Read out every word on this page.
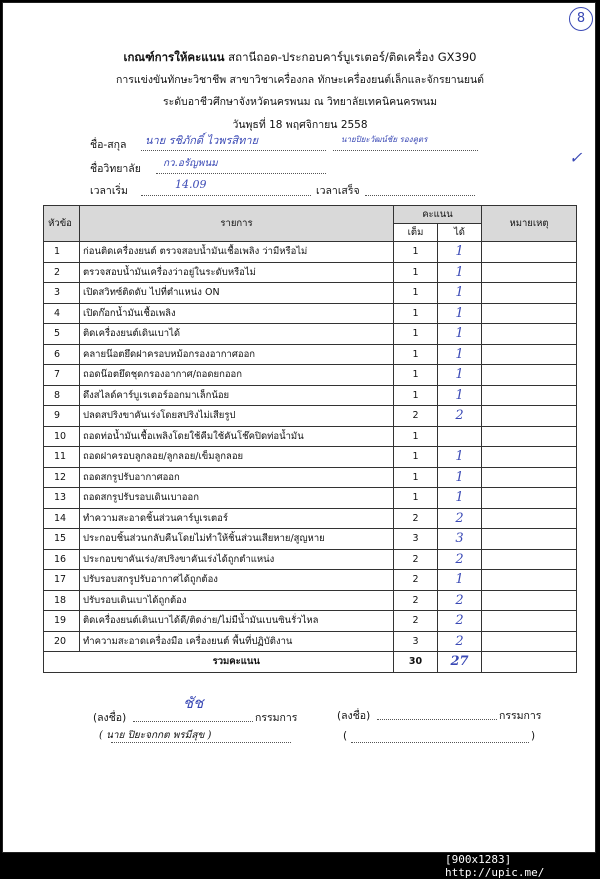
8
เกณฑ์การให้คะแนน สถานีถอด-ประกอบคาร์บูเรเตอร์/ติดเครื่อง GX390
การแข่งขันทักษะวิชาชีพ สาขาวิชาเครื่องกล ทักษะเครื่องยนต์เล็กและจักรยานยนต์
ระดับอาชีวศึกษาจังหวัดนครพนม ณ วิทยาลัยเทคนิคนครพนม
วันพุธที่ 18 พฤศจิกายน 2558
ชื่อ-สกุล นาย รชิภักดิ์ ไวพรสิทาย	นายปิยะวัฒน์ชัย รองคูตร
ชื่อวิทยาลัย กว.อรัญพนม
เวลาเริ่ม	14.09	เวลาเสร็จ
✓
หัวข้อ	รายการ	คะแนน		หมายเหตุ
		เต็ม	ได้	
1	ก่อนติดเครื่องยนต์ ตรวจสอบน้ำมันเชื้อเพลิง ว่ามีหรือไม่	1	1	
2	ตรวจสอบน้ำมันเครื่องว่าอยู่ในระดับหรือไม่	1	1	
3	เปิดสวิทซ์ติดดับ ไปที่ตำแหน่ง ON	1	1	
4	เปิดก๊อกน้ำมันเชื้อเพลิง	1	1	
5	ติดเครื่องยนต์เดินเบาได้	1	1	
6	คลายน๊อตยึดฝาครอบหม้อกรองอากาศออก	1	1	
7	ถอดน๊อตยึดชุดกรองอากาศ/ถอดยกออก	1	1	
8	ดึงสไลด์คาร์บูเรเตอร์ออกมาเล็กน้อย	1	1	
9	ปลดสปริงขาคันเร่งโดยสปริงไม่เสียรูป	2	2	
10	ถอดท่อน้ำมันเชื้อเพลิงโดยใช้คีมใช้คันโช๊คปิดท่อน้ำมัน	1		
11	ถอดฝาครอบลูกลอย/ลูกลอย/เข็มลูกลอย	1	1	
12	ถอดสกรูปรับอากาศออก	1	1	
13	ถอดสกรูปรับรอบเดินเบาออก	1	1	
14	ทำความสะอาดชิ้นส่วนคาร์บูเรเตอร์	2	2	
15	ประกอบชิ้นส่วนกลับคืนโดยไม่ทำให้ชิ้นส่วนเสียหาย/สูญหาย	3	3	
16	ประกอบขาคันเร่ง/สปริงขาคันเร่งได้ถูกตำแหน่ง	2	2	
17	ปรับรอบสกรูปรับอากาศได้ถูกต้อง	2	1	
18	ปรับรอบเดินเบาได้ถูกต้อง	2	2	
19	ติดเครื่องยนต์เดินเบาได้ดี/ติดง่าย/ไม่มีน้ำมันเบนซินรั่วไหล	2	2	
20	ทำความสะอาดเครื่องมือ เครื่องยนต์ พื้นที่ปฏิบัติงาน	3	2	
	รวมคะแนน	30	27	
(ลงชื่อ)
ชัช
กรรมการ
( นาย ปิยะจกกต พรมีสุข )
(ลงชื่อ)	กรรมการ
(	)
[900x1283] http://upic.me/
